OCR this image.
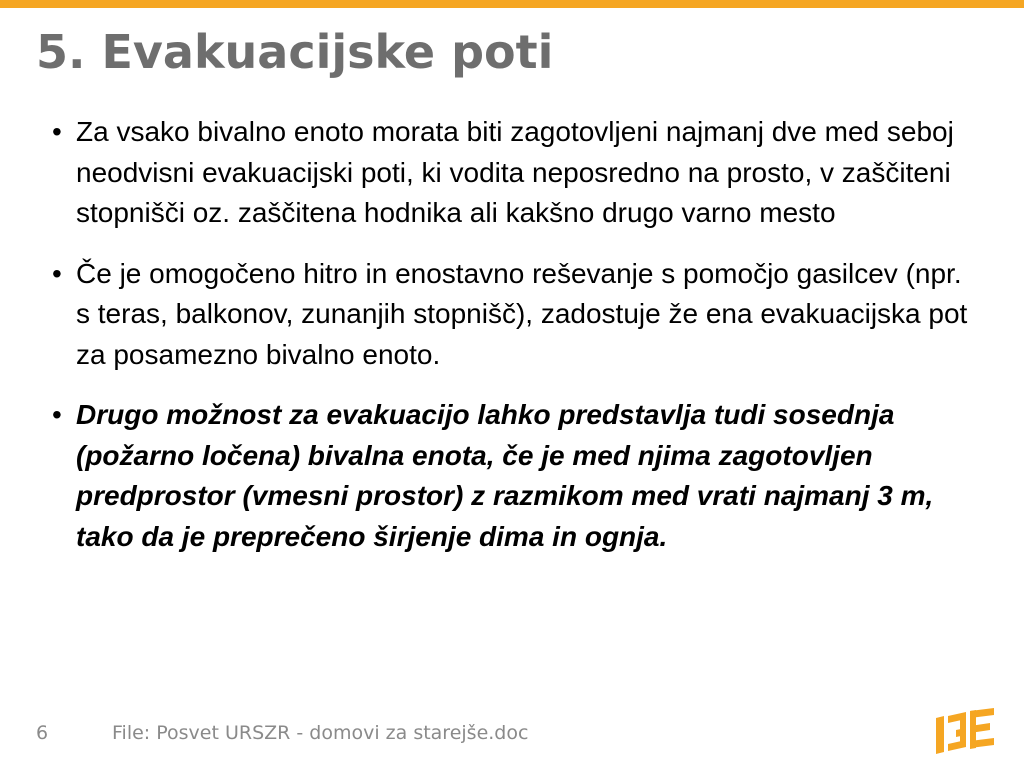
5. Evakuacijske poti
• Za vsako bivalno enoto morata biti zagotovljeni najmanj dve med seboj neodvisni evakuacijski poti, ki vodita neposredno na prosto, v zaščiteni stopnišči oz. zaščitena hodnika ali kakšno drugo varno mesto
• Če je omogočeno hitro in enostavno reševanje s pomočjo gasilcev (npr. s teras, balkonov, zunanjih stopnišč), zadostuje že ena evakuacijska pot za posamezno bivalno enoto.
• Drugo možnost za evakuacijo lahko predstavlja tudi sosednja (požarno ločena) bivalna enota, če je med njima zagotovljen predprostor (vmesni prostor) z razmikom med vrati najmanj 3 m, tako da je preprečeno širjenje dima in ognja.
6	File: Posvet URSZR - domovi za starejše.doc
